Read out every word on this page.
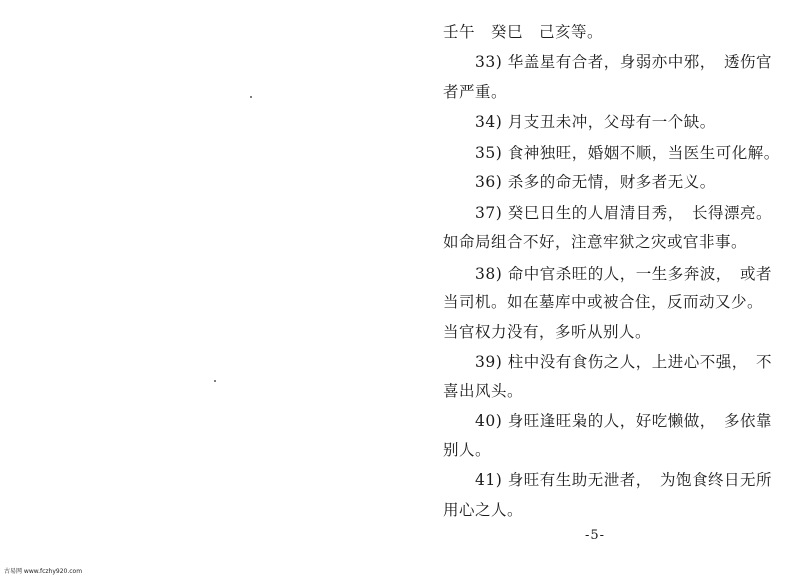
壬午　癸巳　己亥等。
33) 华盖星有合者，身弱亦中邪，　透伤官
者严重。
34) 月支丑未冲，父母有一个缺。
35) 食神独旺，婚姻不顺，当医生可化解。
36) 杀多的命无情，财多者无义。
37) 癸巳日生的人眉清目秀，　长得漂亮。
如命局组合不好，注意牢狱之灾或官非事。
38) 命中官杀旺的人，一生多奔波，　或者
当司机。如在墓库中或被合住，反而动又少。
当官权力没有，多听从别人。
39) 柱中没有食伤之人，上进心不强，　不
喜出风头。
40) 身旺逢旺枭的人，好吃懒做，　多依靠
别人。
41) 身旺有生助无泄者，　为饱食终日无所
用心之人。
-5-
古易网 www.fczhy920.com
